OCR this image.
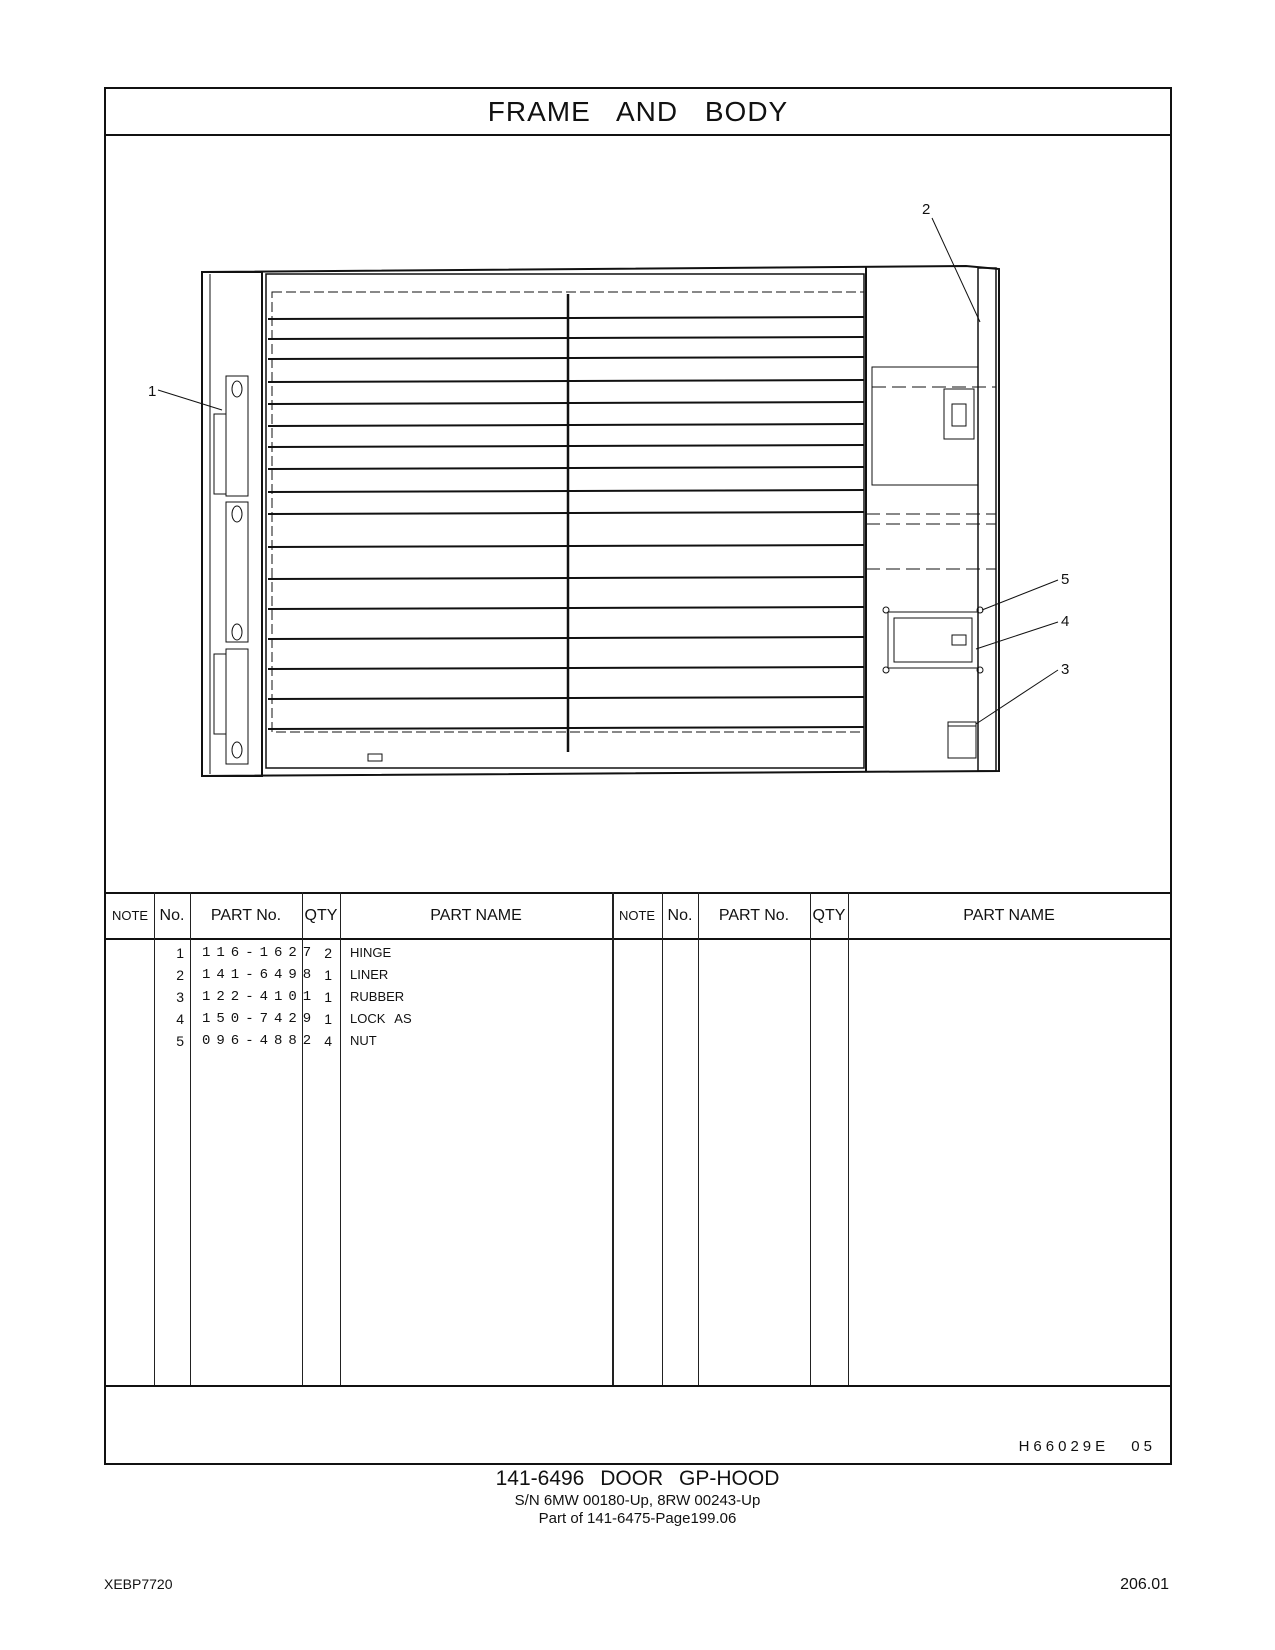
FRAME AND BODY
1
2
3
4
5
NOTE No.	PART No.	QTY	PART NAME	NOTE No.	PART No.	QTY	PART NAME
1 116-1627 2 HINGE
2 141-6498 1 LINER
3 122-4101 1 RUBBER
4 150-7429 1 LOCK AS
5 096-4882 4 NUT
H66029E 05
141-6496 DOOR GP-HOOD
S/N 6MW 00180-Up, 8RW 00243-Up
Part of 141-6475-Page199.06
XEBP7720	206.01
